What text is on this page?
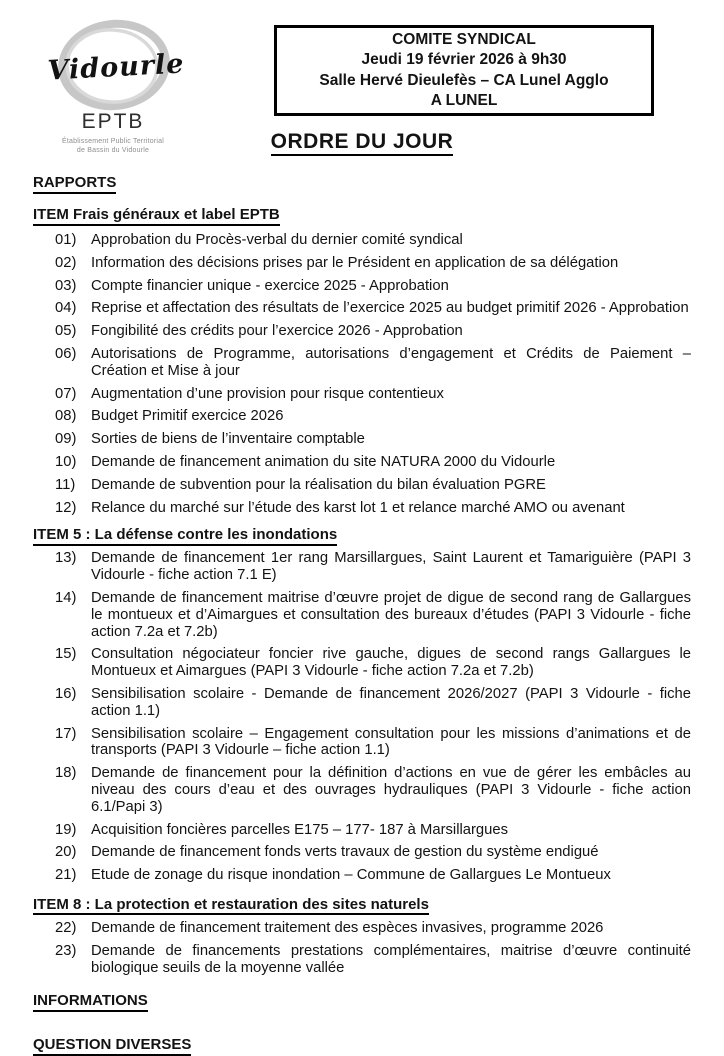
Vidourle
EPTB
Établissement Public Territorial
de Bassin du Vidourle
COMITE SYNDICAL
Jeudi 19 février 2026 à 9h30
Salle Hervé Dieulefès – CA Lunel Agglo
A LUNEL
ORDRE DU JOUR
RAPPORTS
ITEM Frais généraux et label EPTB
01) Approbation du Procès-verbal du dernier comité syndical
02) Information des décisions prises par le Président en application de sa délégation
03) Compte financier unique - exercice 2025 - Approbation
04) Reprise et affectation des résultats de l’exercice 2025 au budget primitif 2026 - Approbation
05) Fongibilité des crédits pour l’exercice 2026 - Approbation
06) Autorisations de Programme, autorisations d’engagement et Crédits de Paiement – Création et Mise à jour
07) Augmentation d’une provision pour risque contentieux
08) Budget Primitif exercice 2026
09) Sorties de biens de l’inventaire comptable
10) Demande de financement animation du site NATURA 2000 du Vidourle
11)	Demande de subvention pour la réalisation du bilan évaluation PGRE
12) Relance du marché sur l’étude des karst lot 1 et relance marché AMO ou avenant
ITEM 5 : La défense contre les inondations
13) Demande de financement 1er rang Marsillargues, Saint Laurent et Tamariguière (PAPI 3 Vidourle - fiche action 7.1 E)
14) Demande de financement maitrise d’œuvre projet de digue de second rang de Gallargues le montueux et d’Aimargues et consultation des bureaux d’études (PAPI 3 Vidourle - fiche action 7.2a et 7.2b)
15) Consultation négociateur foncier rive gauche, digues de second rangs Gallargues le Montueux et Aimargues (PAPI 3 Vidourle - fiche action 7.2a et 7.2b)
16) Sensibilisation scolaire - Demande de financement 2026/2027 (PAPI 3 Vidourle - fiche action 1.1)
17) Sensibilisation scolaire – Engagement consultation pour les missions d’animations et de transports (PAPI 3 Vidourle – fiche action 1.1)
18) Demande de financement pour la définition d’actions en vue de gérer les embâcles au niveau des cours d’eau et des ouvrages hydrauliques (PAPI 3 Vidourle - fiche action 6.1/Papi 3)
19) Acquisition foncières parcelles E175 – 177- 187 à Marsillargues
20) Demande de financement fonds verts travaux de gestion du système endigué
21) Etude de zonage du risque inondation – Commune de Gallargues Le Montueux
ITEM 8 : La protection et restauration des sites naturels
22) Demande de financement traitement des espèces invasives, programme 2026
23) Demande de financements prestations complémentaires, maitrise d’œuvre continuité biologique seuils de la moyenne vallée
INFORMATIONS
QUESTION DIVERSES
